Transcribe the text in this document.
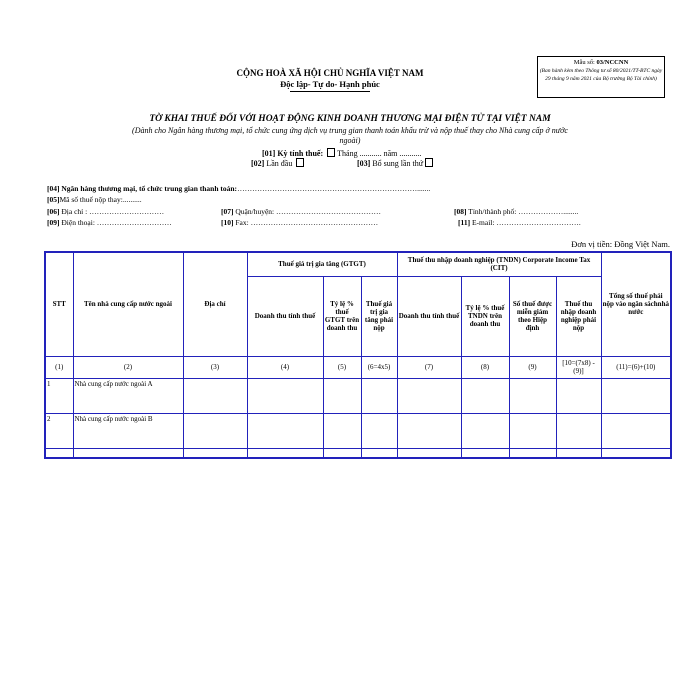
CỘNG HOÀ XÃ HỘI CHỦ NGHĨA VIỆT NAM
Độc lập- Tự do- Hạnh phúc
Mẫu số: 03/NCCNN
(Ban hành kèm theo Thông tư số 80/2021/TT-BTC ngày 29 tháng 9 năm 2021 của Bộ trưởng Bộ Tài chính)
TỜ KHAI THUẾ ĐỐI VỚI HOẠT ĐỘNG KINH DOANH THƯƠNG MẠI ĐIỆN TỬ TẠI VIỆT NAM
(Dành cho Ngân hàng thương mại, tổ chức cung ứng dịch vụ trung gian thanh toán khấu trừ và nộp thuế thay cho Nhà cung cấp ở nước ngoài)
[01] Kỳ tính thuế: Tháng ........... năm ...........
[02] Lần đầu	[03] Bổ sung lần thứ
[04] Ngân hàng thương mại, tổ chức trung gian thanh toán:……………………………………………………………….......
[05]Mã số thuế nộp thay:..........
[06] Địa chỉ : …………………………	[07] Quận/huyện: ……………………………………	[08] Tỉnh/thành phố: ………………........
[09] Điện thoại: …………………………	[10] Fax: ……………………………………………	[11] E-mail: …………………………….
Đơn vị tiền: Đồng Việt Nam.
STT	Tên nhà cung cấp nước ngoài	Địa chỉ	Thuế giá trị gia tăng (GTGT)			Thuế thu nhập doanh nghiệp (TNDN) Corporate Income Tax (CIT)				Tổng số thuế phải nộp vào ngân sáchnhà nước
			Doanh thu tính thuế	Tỷ lệ % thuế GTGT trên doanh thu	Thuế giá trị gia tăng phải nộp	Doanh thu tính thuế	Tỷ lệ % thuế TNDN trên doanh thu	Số thuế được miễn giảm theo Hiệp định	Thuế thu nhập doanh nghiệp phải nộp	
(1)	(2)	(3)	(4)	(5)	(6=4x5)	(7)	(8)	(9)	[10=(7x8) -(9)]	(11)=(6)+(10)
1	Nhà cung cấp nước ngoài A									
2	Nhà cung cấp nước ngoài B									
